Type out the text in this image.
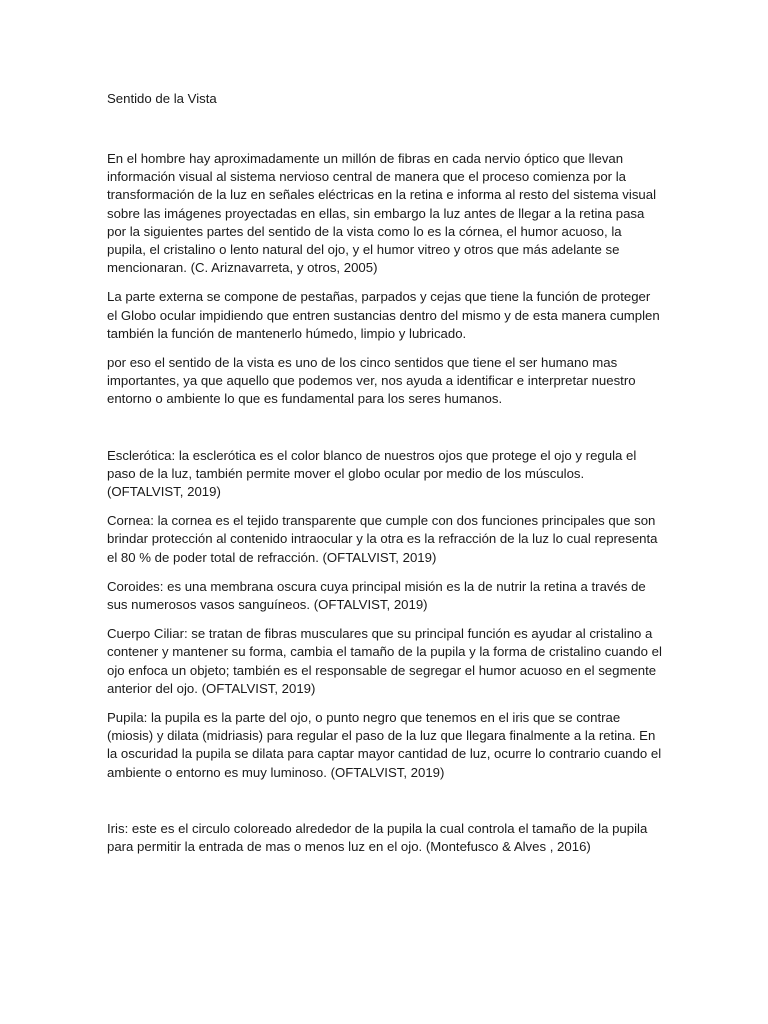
Sentido de la Vista

En el hombre hay aproximadamente un millón de fibras en cada nervio óptico que llevan información visual al sistema nervioso central de manera que el proceso comienza por la transformación de la luz en señales eléctricas en la retina e informa al resto del sistema visual sobre las imágenes proyectadas en ellas, sin embargo la luz antes de llegar a la retina pasa por la siguientes partes del sentido de la vista como lo es la córnea, el humor acuoso, la pupila, el cristalino o lento natural del ojo, y el humor vitreo y otros que más adelante se mencionaran. (C. Ariznavarreta, y otros, 2005)

La parte externa se compone de pestañas, parpados y cejas que tiene la función de proteger el Globo ocular impidiendo que entren sustancias dentro del mismo y de esta manera cumplen también la función de mantenerlo húmedo, limpio y lubricado.

por eso el sentido de la vista es uno de los cinco sentidos que tiene el ser humano mas importantes, ya que aquello que podemos ver, nos ayuda a identificar e interpretar nuestro entorno o ambiente lo que es fundamental para los seres humanos.

Esclerótica: la esclerótica es el color blanco de nuestros ojos que protege el ojo y regula el paso de la luz, también permite mover el globo ocular por medio de los músculos. (OFTALVIST, 2019)

Cornea: la cornea es el tejido transparente que cumple con dos funciones principales que son brindar protección al contenido intraocular y la otra es la refracción de la luz lo cual representa el 80 % de poder total de refracción. (OFTALVIST, 2019)

Coroides: es una membrana oscura cuya principal misión es la de nutrir la retina a través de sus numerosos vasos sanguíneos. (OFTALVIST, 2019)

Cuerpo Ciliar: se tratan de fibras musculares que su principal función es ayudar al cristalino a contener y mantener su forma, cambia el tamaño de la pupila y la forma de cristalino cuando el ojo enfoca un objeto; también es el responsable de segregar el humor acuoso en el segmente anterior del ojo. (OFTALVIST, 2019)

Pupila: la pupila es la parte del ojo, o punto negro que tenemos en el iris que se contrae (miosis) y dilata (midriasis) para regular el paso de la luz que llegara finalmente a la retina. En la oscuridad la pupila se dilata para captar mayor cantidad de luz, ocurre lo contrario cuando el ambiente o entorno es muy luminoso. (OFTALVIST, 2019)

Iris: este es el circulo coloreado alrededor de la pupila la cual controla el tamaño de la pupila para permitir la entrada de mas o menos luz en el ojo. (Montefusco & Alves , 2016)
